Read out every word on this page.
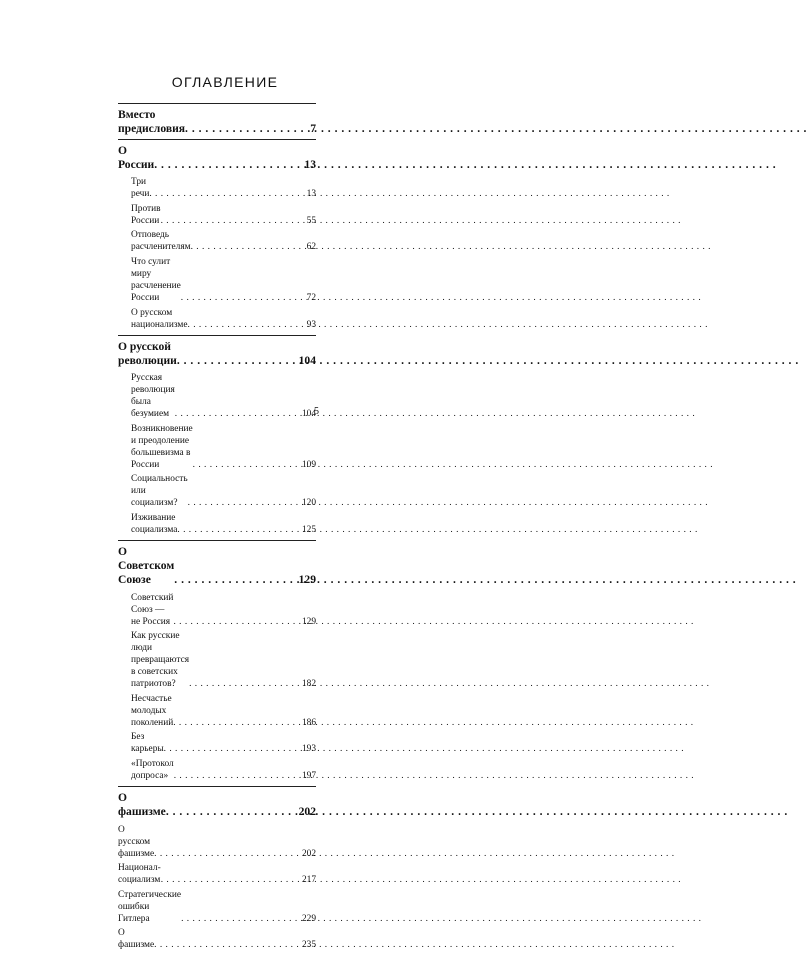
ОГЛАВЛЕНИЕ
Вместо предисловия . . .	7
О России . . .	13
Три речи . . .	13
Против России . . .	55
Отповедь расчленителям . . .	62
Что сулит миру расчленение России . . .	72
О русском национализме . . .	93
О русской революции . . .	104
Русская революция была безумием . . .	104
Возникновение и преодоление большевизма в России . . .	109
Социальность или социализм? . . .	120
Изживание социализма . . .	125
О Советском Союзе . . .	129
Советский Союз — не Россия . . .	129
Как русские люди превращаются в советских патриотов? . . .	182
Несчастье молодых поколений . . .	186
Без карьеры . . .	193
«Протокол допроса» . . .	197
О фашизме . . .	202
О русском фашизме . . .	202
Национал-социализм . . .	217
Стратегические ошибки Гитлера . . .	229
О фашизме . . .	235
5
